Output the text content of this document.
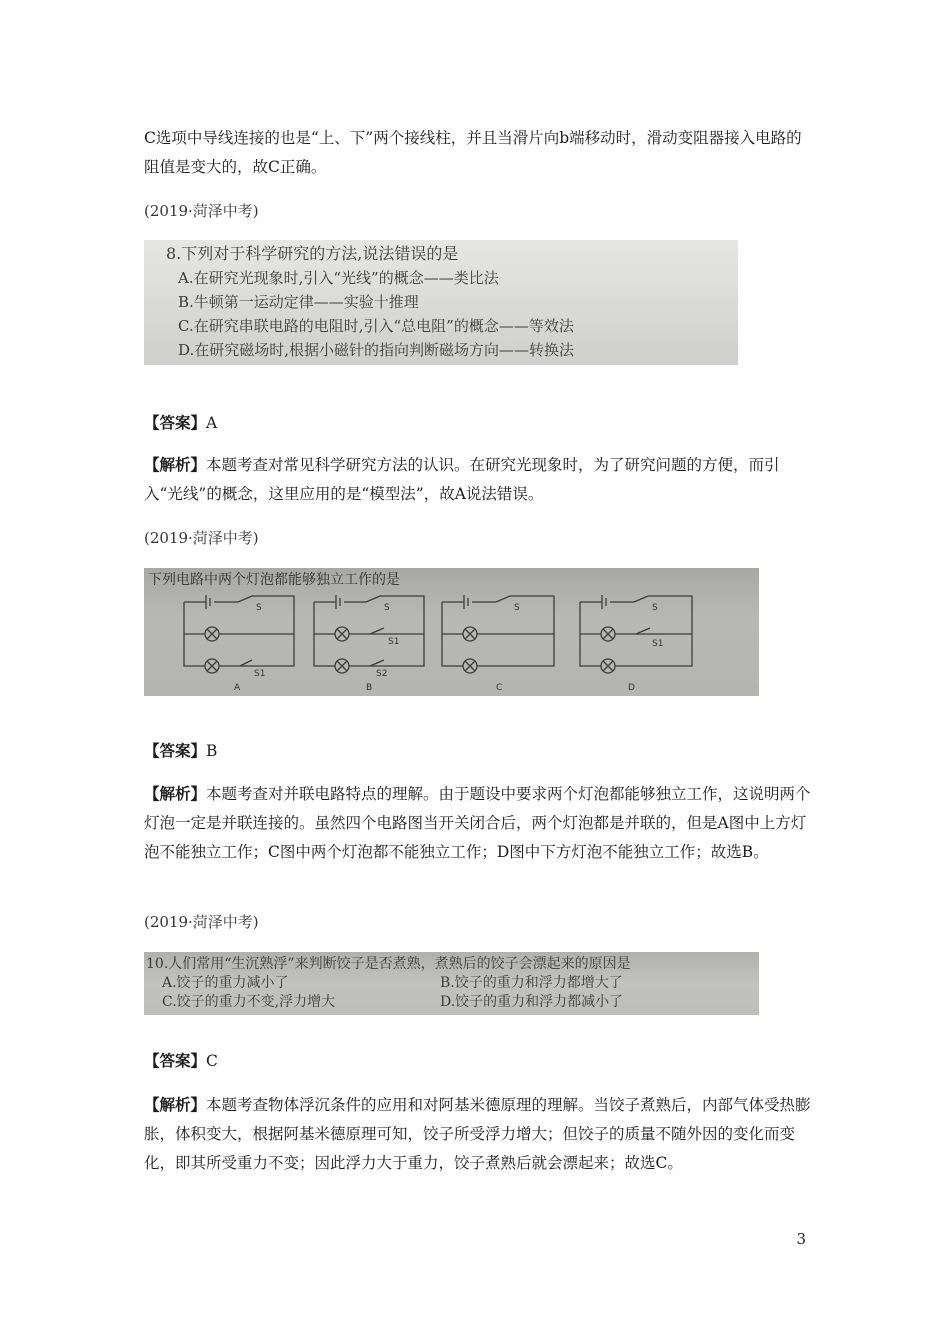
C选项中导线连接的也是“上、下”两个接线柱，并且当滑片向b端移动时，滑动变阻器接入电路的阻值是变大的，故C正确。

(2019·菏泽中考)
8.下列对于科学研究的方法,说法错误的是
A.在研究光现象时,引入“光线”的概念——类比法
B.牛顿第一运动定律——实验十推理
C.在研究串联电路的电阻时,引入“总电阻”的概念——等效法
D.在研究磁场时,根据小磁针的指向判断磁场方向——转换法

【答案】A

【解析】本题考查对常见科学研究方法的认识。在研究光现象时，为了研究问题的方便，而引入“光线”的概念，这里应用的是“模型法”，故A说法错误。

(2019·菏泽中考)
下列电路中两个灯泡都能够独立工作的是
S
S1
S
S1
S2
S	S
S1
A	B	C	D

【答案】B

【解析】本题考查对并联电路特点的理解。由于题设中要求两个灯泡都能够独立工作，这说明两个灯泡一定是并联连接的。虽然四个电路图当开关闭合后，两个灯泡都是并联的，但是A图中上方灯泡不能独立工作；C图中两个灯泡都不能独立工作；D图中下方灯泡不能独立工作；故选B。

(2019·菏泽中考)
10.人们常用“生沉熟浮”来判断饺子是否煮熟，煮熟后的饺子会漂起来的原因是
A.饺子的重力减小了	B.饺子的重力和浮力都增大了
C.饺子的重力不变,浮力增大	D.饺子的重力和浮力都减小了

【答案】C

【解析】本题考查物体浮沉条件的应用和对阿基米德原理的理解。当饺子煮熟后，内部气体受热膨胀，体积变大，根据阿基米德原理可知，饺子所受浮力增大；但饺子的质量不随外因的变化而变化，即其所受重力不变；因此浮力大于重力，饺子煮熟后就会漂起来；故选C。

3
